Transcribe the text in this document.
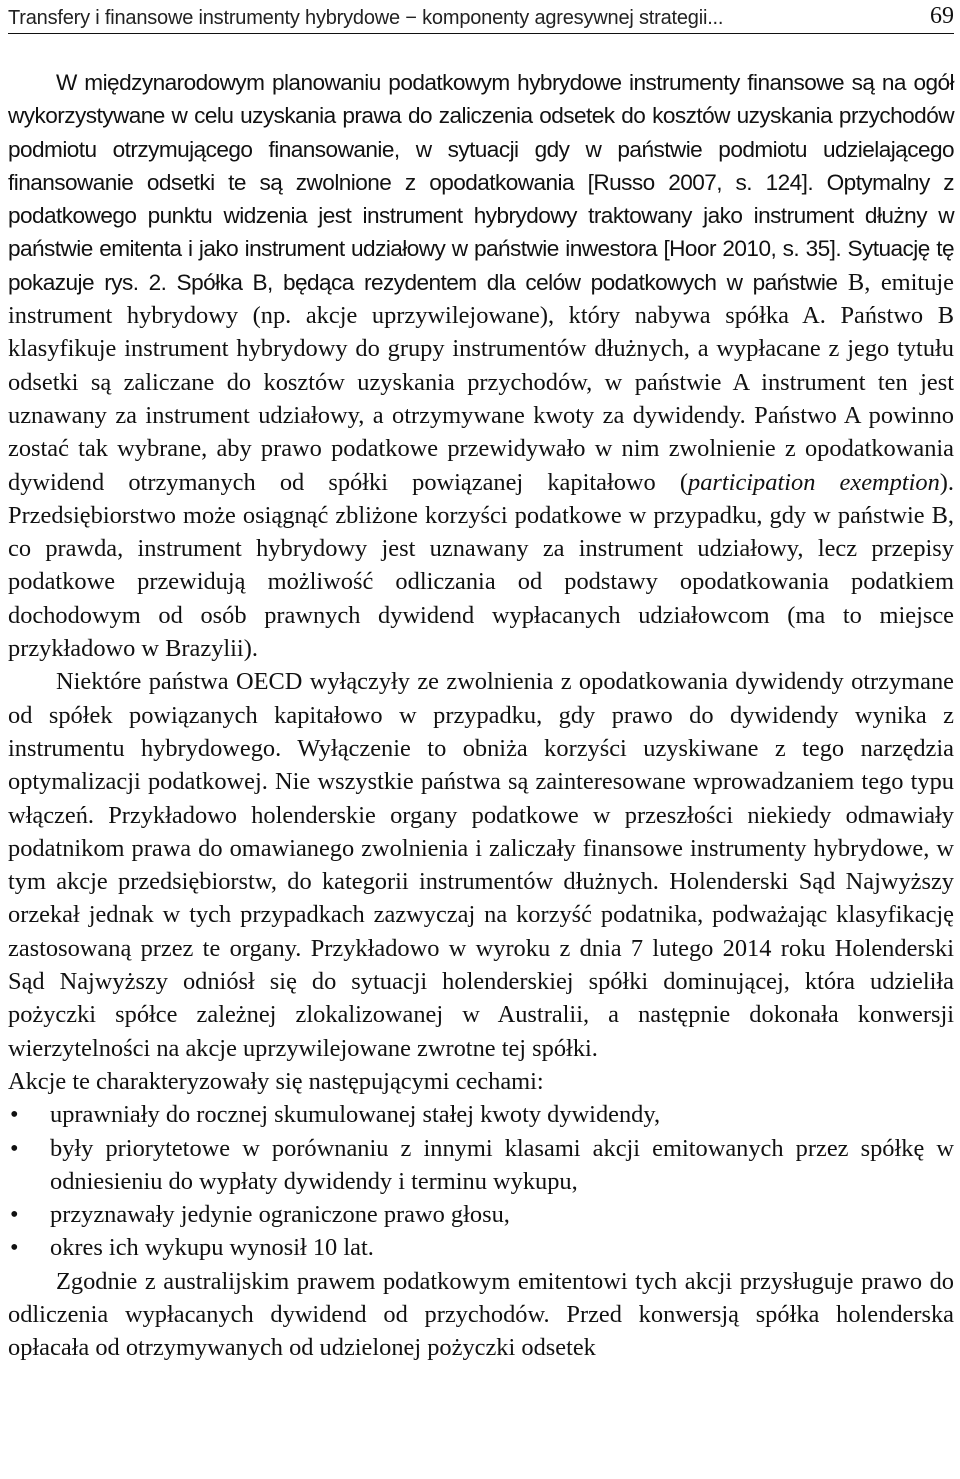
Transfery i finansowe instrumenty hybrydowe − komponenty agresywnej strategii...	69

W międzynarodowym planowaniu podatkowym hybrydowe instrumenty finansowe są na ogół wykorzystywane w celu uzyskania prawa do zaliczenia odsetek do kosztów uzyskania przychodów podmiotu otrzymującego finansowanie, w sytuacji gdy w państwie podmiotu udzielającego finansowanie odsetki te są zwolnione z opodatkowania [Russo 2007, s. 124]. Optymalny z podatkowego punktu widzenia jest instrument hybrydowy traktowany jako instrument dłużny w państwie emitenta i jako instrument udziałowy w państwie inwestora [Hoor 2010, s. 35]. Sytuację tę pokazuje rys. 2. Spółka B, będąca rezydentem dla celów podatkowych w państwie B, emituje instrument hybrydowy (np. akcje uprzywilejowane), który nabywa spółka A. Państwo B klasyfikuje instrument hybrydowy do grupy instrumentów dłużnych, a wypłacane z jego tytułu odsetki są zaliczane do kosztów uzyskania przychodów, w państwie A instrument ten jest uznawany za instrument udziałowy, a otrzymywane kwoty za dywidendy. Państwo A powinno zostać tak wybrane, aby prawo podatkowe przewidywało w nim zwolnienie z opodatkowania dywidend otrzymanych od spółki powiązanej kapitałowo (participation exemption). Przedsiębiorstwo może osiągnąć zbliżone korzyści podatkowe w przypadku, gdy w państwie B, co prawda, instrument hybrydowy jest uznawany za instrument udziałowy, lecz przepisy podatkowe przewidują możliwość odliczania od podstawy opodatkowania podatkiem dochodowym od osób prawnych dywidend wypłacanych udziałowcom (ma to miejsce przykładowo w Brazylii).

Niektóre państwa OECD wyłączyły ze zwolnienia z opodatkowania dywidendy otrzymane od spółek powiązanych kapitałowo w przypadku, gdy prawo do dywidendy wynika z instrumentu hybrydowego. Wyłączenie to obniża korzyści uzyskiwane z tego narzędzia optymalizacji podatkowej. Nie wszystkie państwa są zainteresowane wprowadzaniem tego typu włączeń. Przykładowo holenderskie organy podatkowe w przeszłości niekiedy odmawiały podatnikom prawa do omawianego zwolnienia i zaliczały finansowe instrumenty hybrydowe, w tym akcje przedsiębiorstw, do kategorii instrumentów dłużnych. Holenderski Sąd Najwyższy orzekał jednak w tych przypadkach zazwyczaj na korzyść podatnika, podważając klasyfikację zastosowaną przez te organy. Przykładowo w wyroku z dnia 7 lutego 2014 roku Holenderski Sąd Najwyższy odniósł się do sytuacji holenderskiej spółki dominującej, która udzieliła pożyczki spółce zależnej zlokalizowanej w Australii, a następnie dokonała konwersji wierzytelności na akcje uprzywilejowane zwrotne tej spółki.

Akcje te charakteryzowały się następującymi cechami:

• uprawniały do rocznej skumulowanej stałej kwoty dywidendy,
• były priorytetowe w porównaniu z innymi klasami akcji emitowanych przez spółkę w odniesieniu do wypłaty dywidendy i terminu wykupu,
• przyznawały jedynie ograniczone prawo głosu,
• okres ich wykupu wynosił 10 lat.

Zgodnie z australijskim prawem podatkowym emitentowi tych akcji przysługuje prawo do odliczenia wypłacanych dywidend od przychodów. Przed konwersją spółka holenderska opłacała od otrzymywanych od udzielonej pożyczki odsetek
